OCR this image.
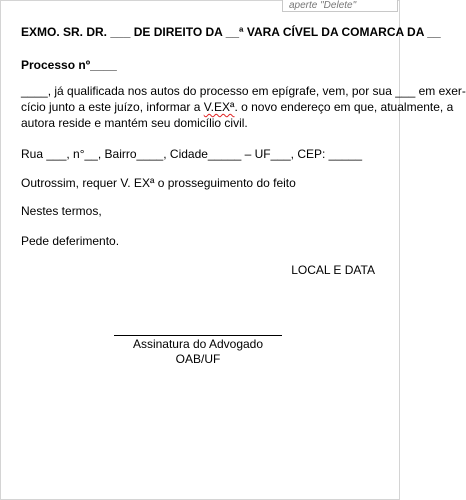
aperte "Delete"
EXMO. SR. DR. ___ DE DIREITO DA __ª VARA CÍVEL DA COMARCA DA __
Processo nº____
____, já qualificada nos autos do processo em epígrafe, vem, por sua ___ em exer-
cício junto a este juízo, informar a V.EXª. o novo endereço em que, atualmente, a
autora reside e mantém seu domicílio civil.
Rua ___, n°__, Bairro____, Cidade_____ – UF___, CEP: _____
Outrossim, requer V. EXª o prosseguimento do feito
Nestes termos,
Pede deferimento.
LOCAL E DATA
Assinatura do Advogado
OAB/UF
